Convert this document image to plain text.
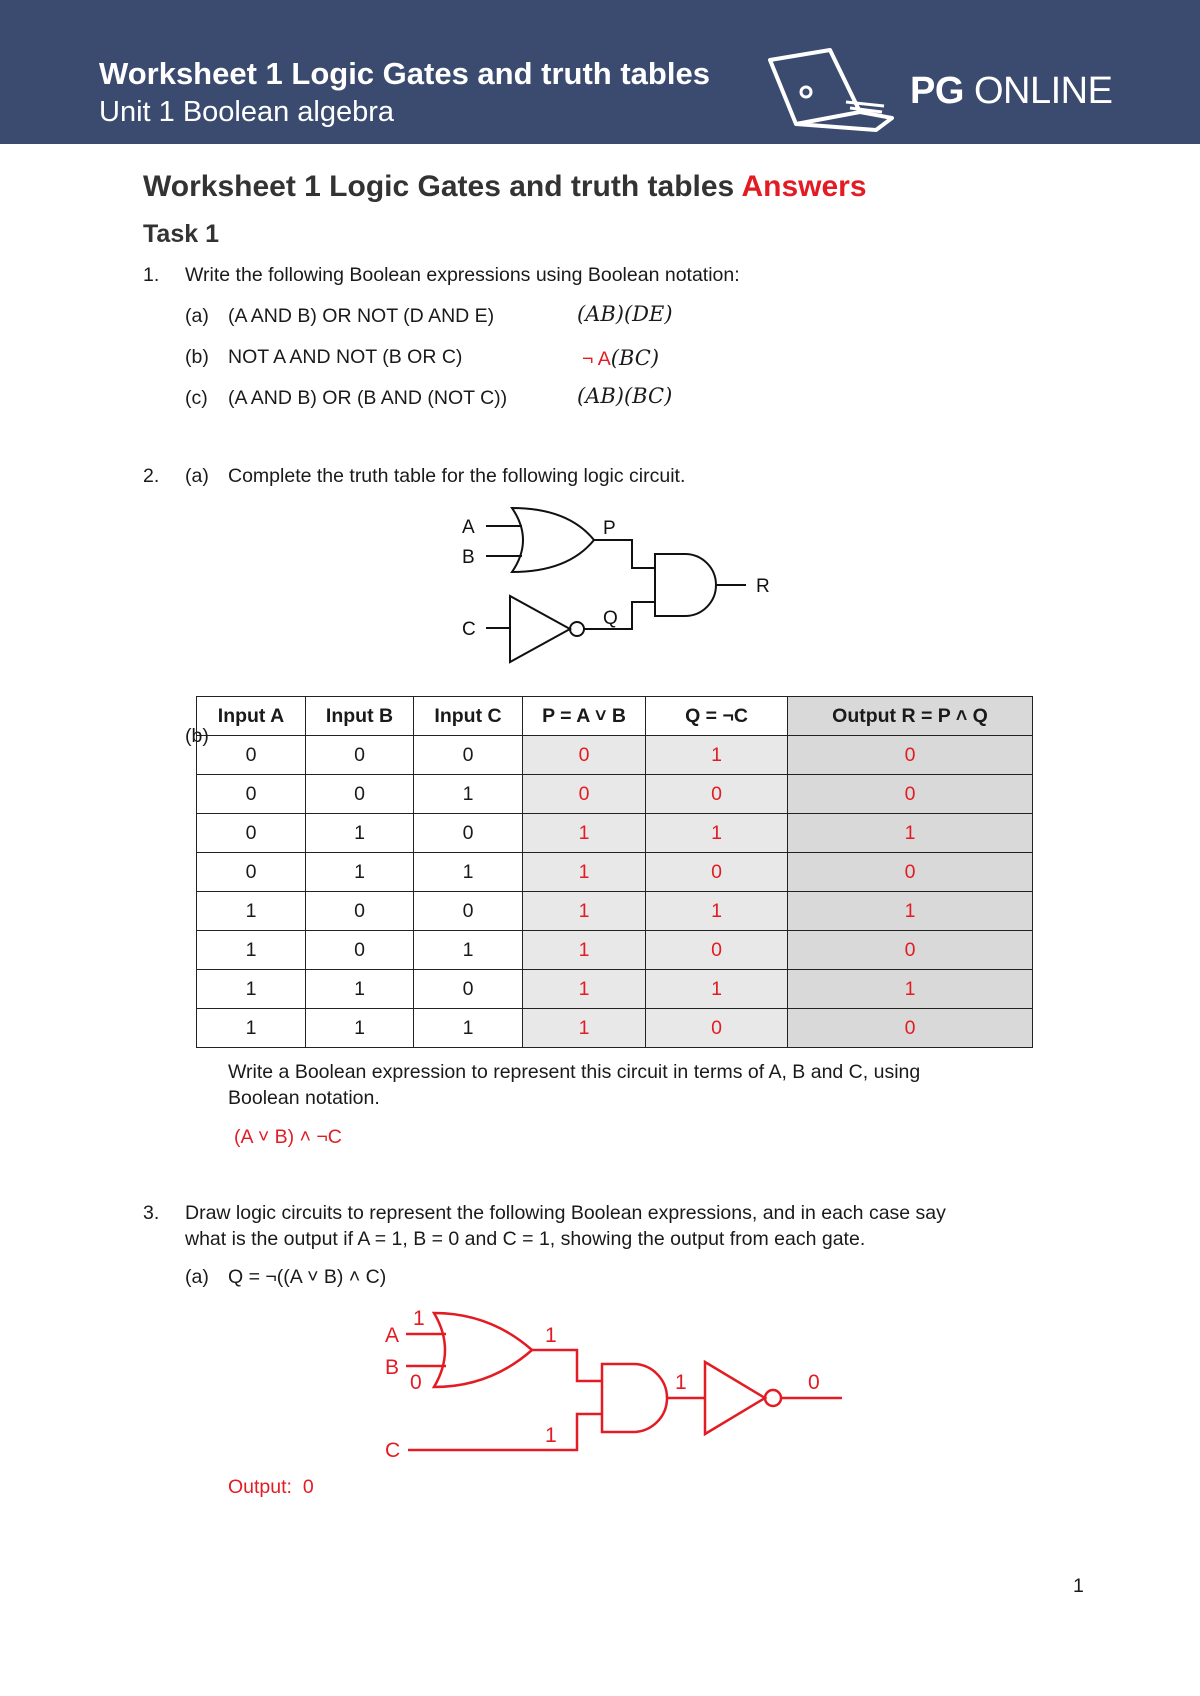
Worksheet 1 Logic Gates and truth tables
Unit 1 Boolean algebra	PG ONLINE
Worksheet 1 Logic Gates and truth tables Answers
Task 1
1. Write the following Boolean expressions using Boolean notation:
(a) (A AND B) OR NOT (D AND E)	(AB)(DE)
(b) NOT A AND NOT (B OR C)	¬ A(BC)
(c) (A AND B) OR (B AND (NOT C))	(AB)(BC)
2. (a) Complete the truth table for the following logic circuit.
A
B
C
P
Q
R
Input A	Input B	Input C	P = A ˅ B	Q = ¬C	Output R = P ˄ Q
0	0	0	0	1	0
0	0	1	0	0	0
0	1	0	1	1	1
0	1	1	1	0	0
1	0	0	1	1	1
1	0	1	1	0	0
1	1	0	1	1	1
1	1	1	1	0	0
(b)
Write a Boolean expression to represent this circuit in terms of A, B and C, using
Boolean notation.
(A ˅ B) ˄ ¬C
3. Draw logic circuits to represent the following Boolean expressions, and in each case say
what is the output if A = 1, B = 0 and C = 1, showing the output from each gate.
(a) Q = ¬((A ˅ B) ˄ C)
A
1
B
0
1
C
1
1	0
Output: 0
1
